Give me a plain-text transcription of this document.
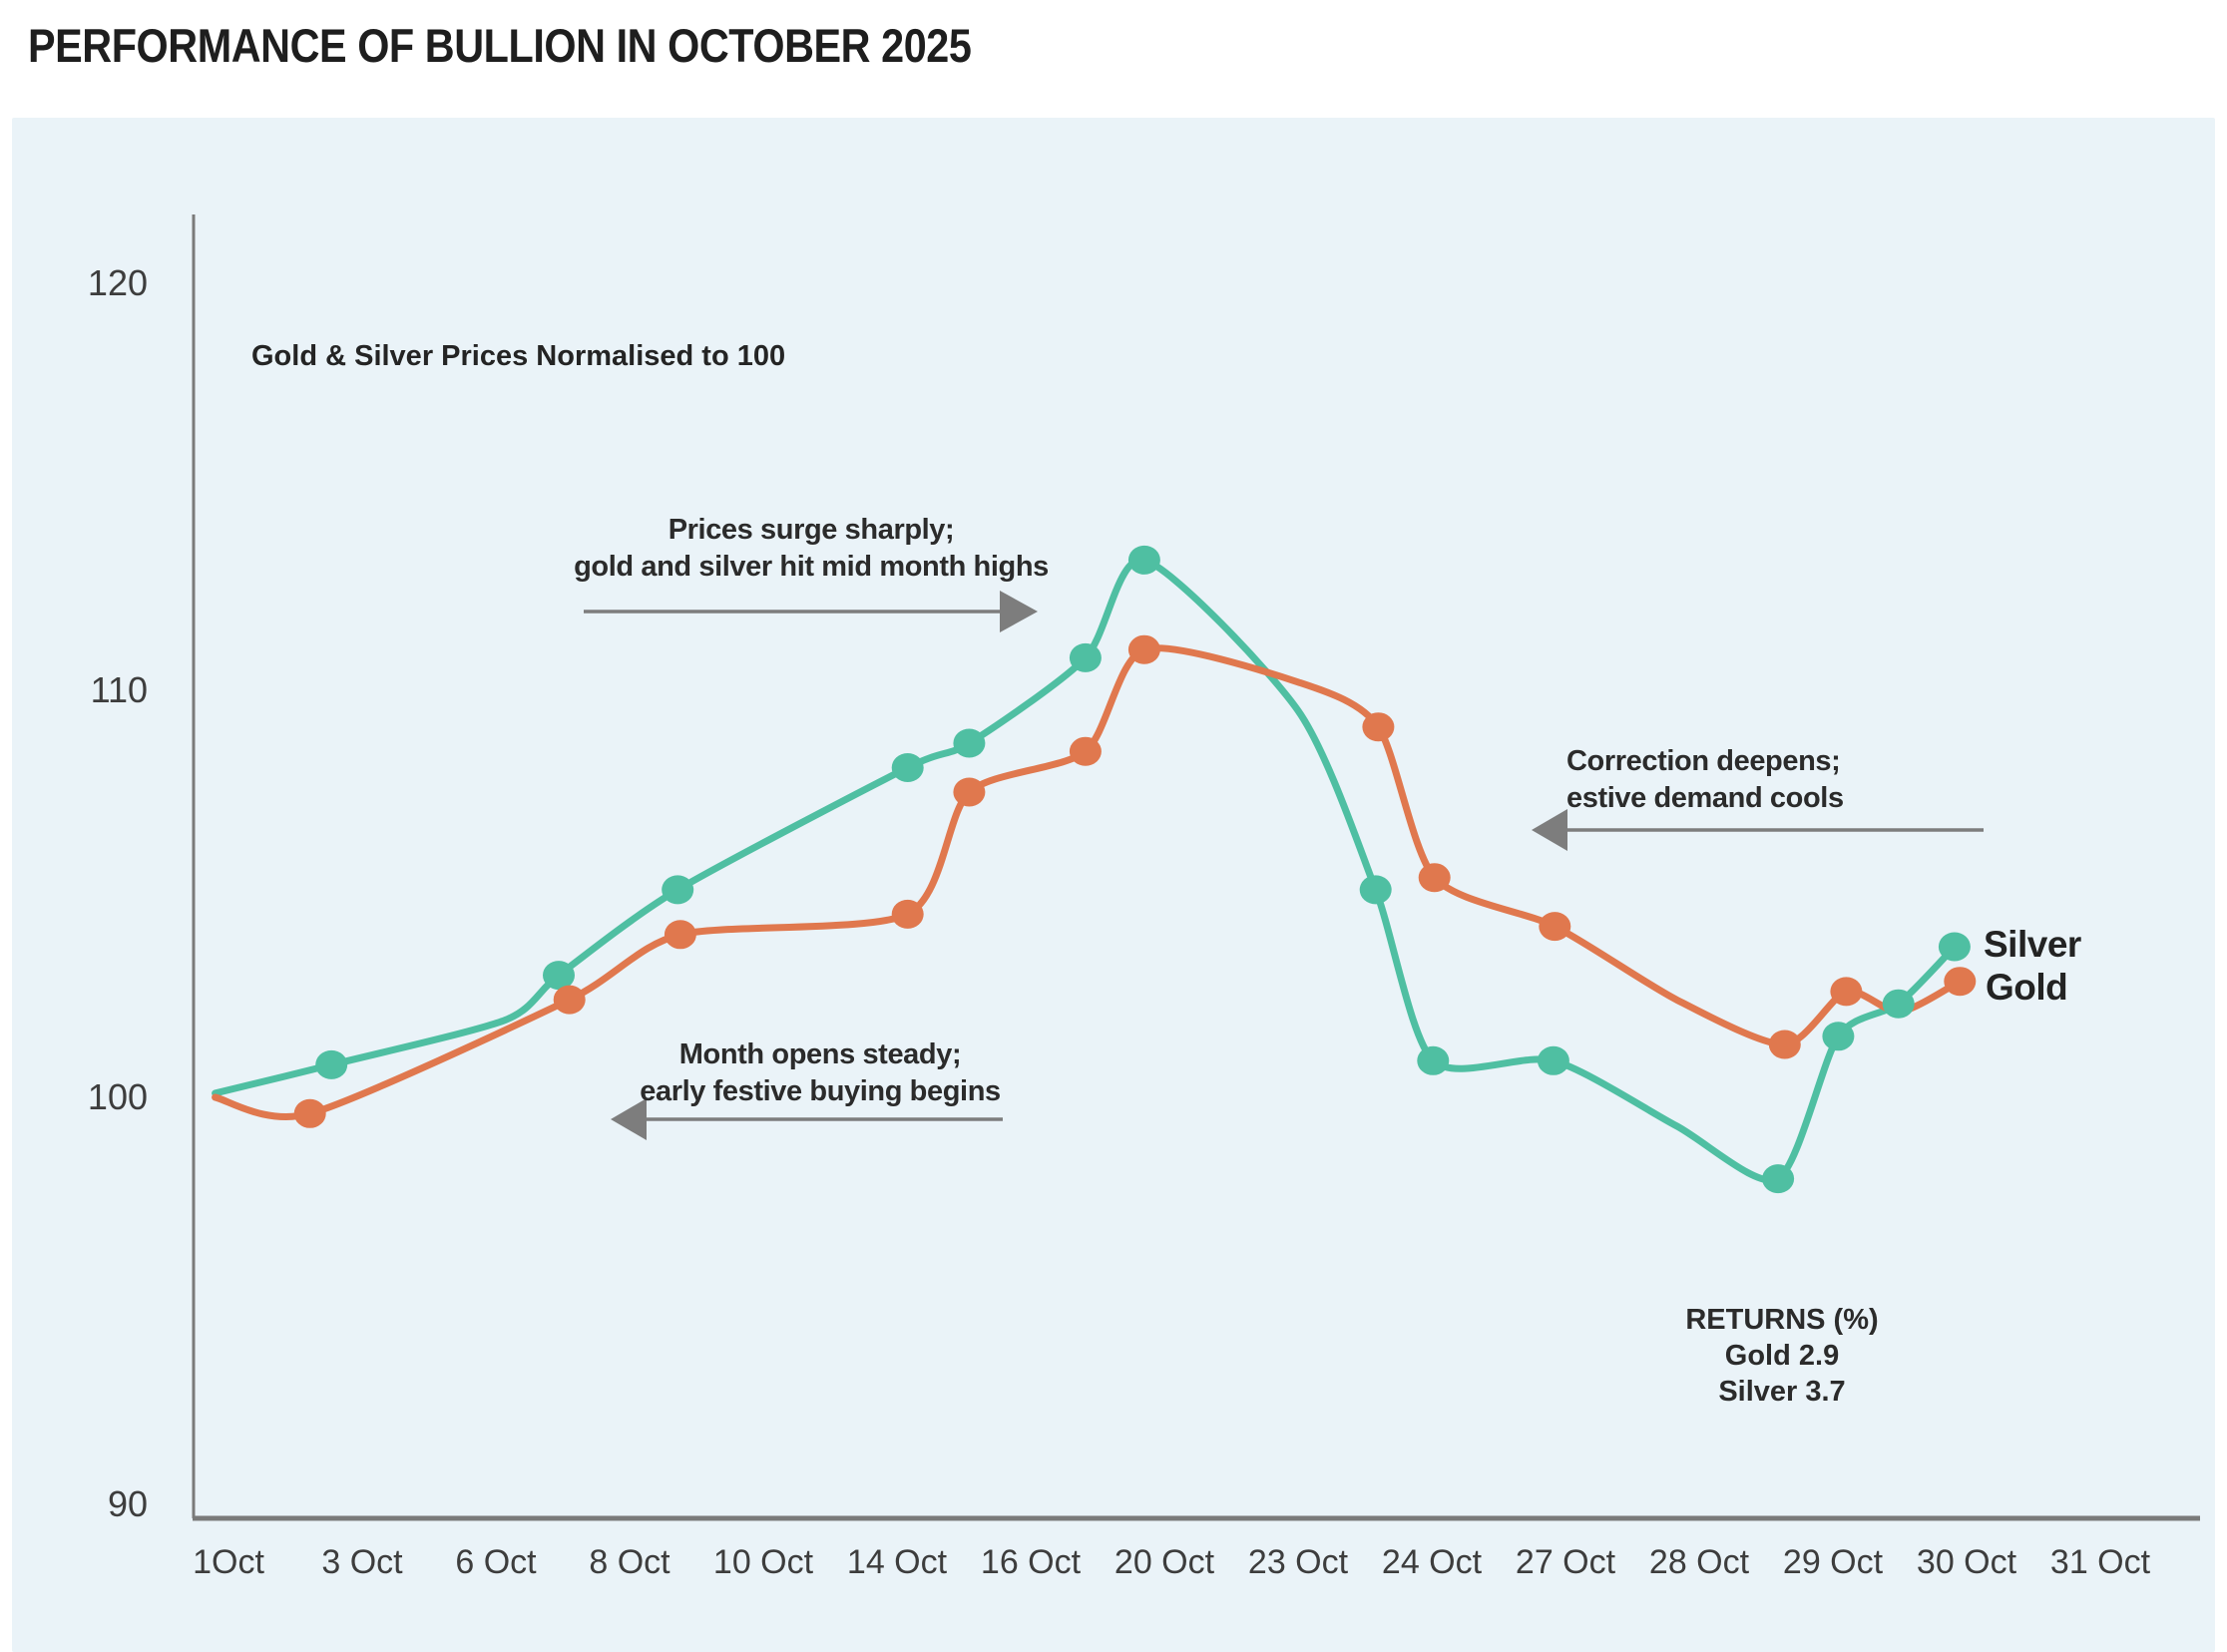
PERFORMANCE OF BULLION IN OCTOBER 2025
Gold & Silver Prices Normalised to 100
120
110
100
90
1Oct 3 Oct 6 Oct 8 Oct 10 Oct 14 Oct 16 Oct 20 Oct 23 Oct 24 Oct 27 Oct 28 Oct 29 Oct 30 Oct 31 Oct
Prices surge sharply;
gold and silver hit mid month highs
Month opens steady;
early festive buying begins
Correction deepens;
estive demand cools
RETURNS (%)
Gold 2.9
Silver 3.7
Silver
Gold
